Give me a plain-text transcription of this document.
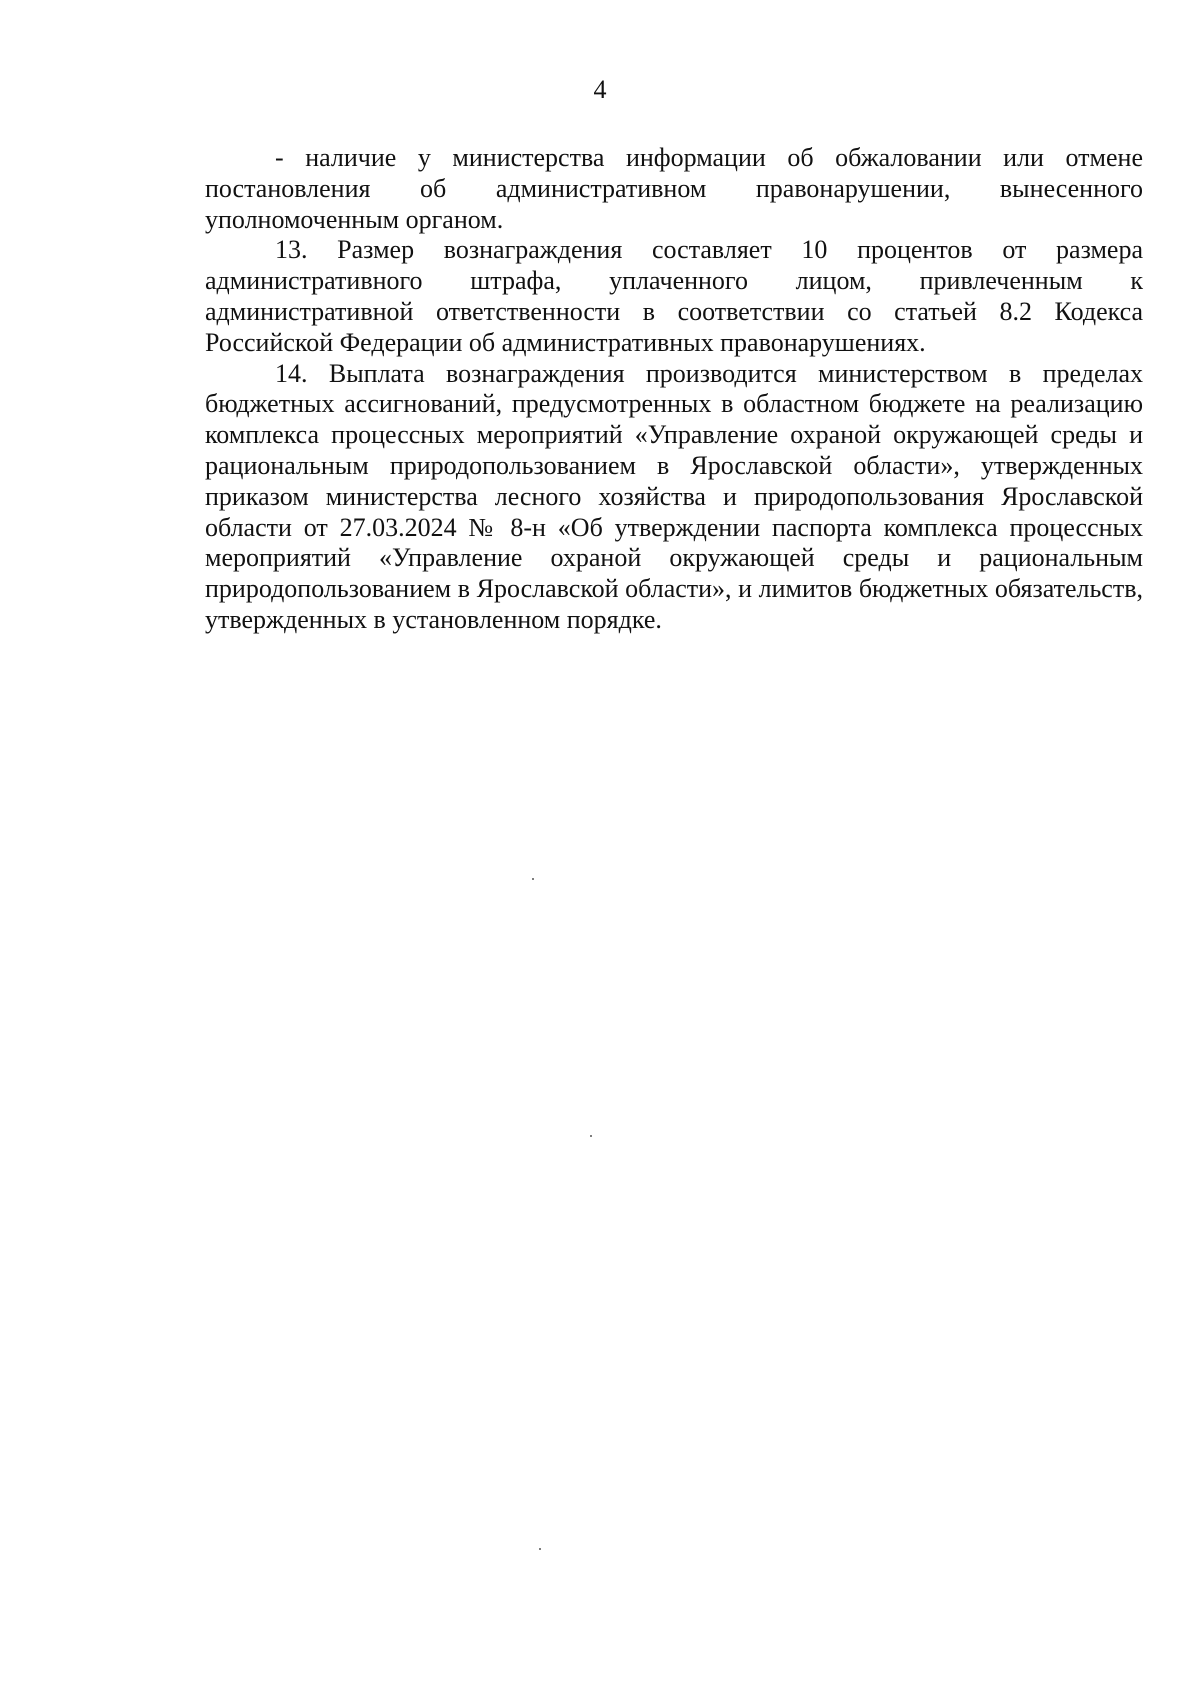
4

- наличие у министерства информации об обжаловании или отмене постановления об административном правонарушении, вынесенного уполномоченным органом.

13. Размер вознаграждения составляет 10 процентов от размера административного штрафа, уплаченного лицом, привлеченным к административной ответственности в соответствии со статьей 8.2 Кодекса Российской Федерации об административных правонарушениях.

14. Выплата вознаграждения производится министерством в пределах бюджетных ассигнований, предусмотренных в областном бюджете на реализацию комплекса процессных мероприятий «Управление охраной окружающей среды и рациональным природопользованием в Ярославской области», утвержденных приказом министерства лесного хозяйства и природопользования Ярославской области от 27.03.2024 № 8-н «Об утверждении паспорта комплекса процессных мероприятий «Управление охраной окружающей среды и рациональным природопользованием в Ярославской области», и лимитов бюджетных обязательств, утвержденных в установленном порядке.
